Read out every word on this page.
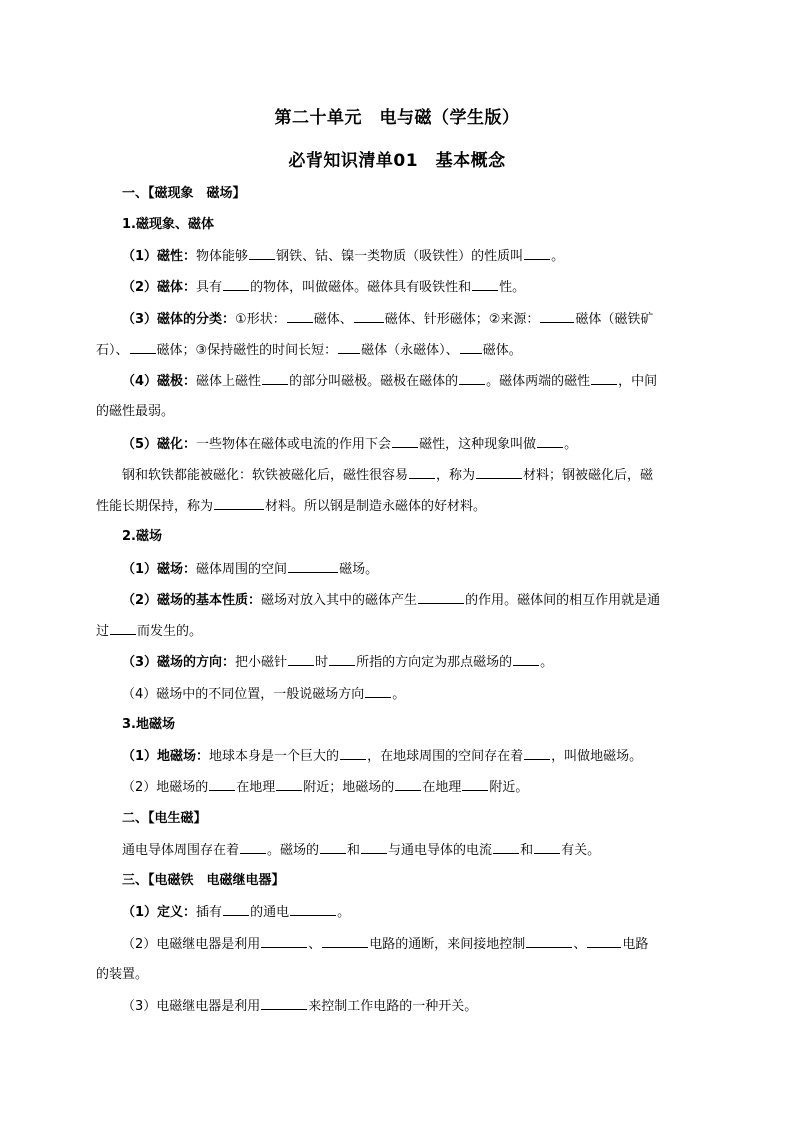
第二十单元　电与磁（学生版）
必背知识清单01　基本概念
一、【磁现象　磁场】
1.磁现象、磁体
（1）磁性：物体能够 钢铁、钴、镍一类物质（吸铁性）的性质叫 。
（2）磁体：具有 的物体，叫做磁体。磁体具有吸铁性和 性。
（3）磁体的分类：①形状： 磁体、 磁体、针形磁体；②来源：	磁体（磁铁矿
石）、 磁体；③保持磁性的时间长短： 磁体（永磁体）、 磁体。
（4）磁极：磁体上磁性 的部分叫磁极。磁极在磁体的 。磁体两端的磁性 ，中间
的磁性最弱。
（5）磁化：一些物体在磁体或电流的作用下会 磁性，这种现象叫做 。
钢和软铁都能被磁化：软铁被磁化后，磁性很容易 ，称为	材料；钢被磁化后，磁
性能长期保持，称为	材料。所以钢是制造永磁体的好材料。
2.磁场
（1）磁场：磁体周围的空间	磁场。
（2）磁场的基本性质：磁场对放入其中的磁体产生	的作用。磁体间的相互作用就是通
过 而发生的。
（3）磁场的方向：把小磁针 时 所指的方向定为那点磁场的 。
（4）磁场中的不同位置，一般说磁场方向 。
3.地磁场
（1）地磁场：地球本身是一个巨大的 ，在地球周围的空间存在着 ，叫做地磁场。
（2）地磁场的 在地理 附近；地磁场的 在地理 附近。
二、【电生磁】
通电导体周围存在着 。磁场的 和 与通电导体的电流 和 有关。
三、【电磁铁　电磁继电器】
（1）定义：插有 的通电	。
（2）电磁继电器是利用	、	电路的通断，来间接地控制	、	电路
的装置。
（3）电磁继电器是利用	来控制工作电路的一种开关。
